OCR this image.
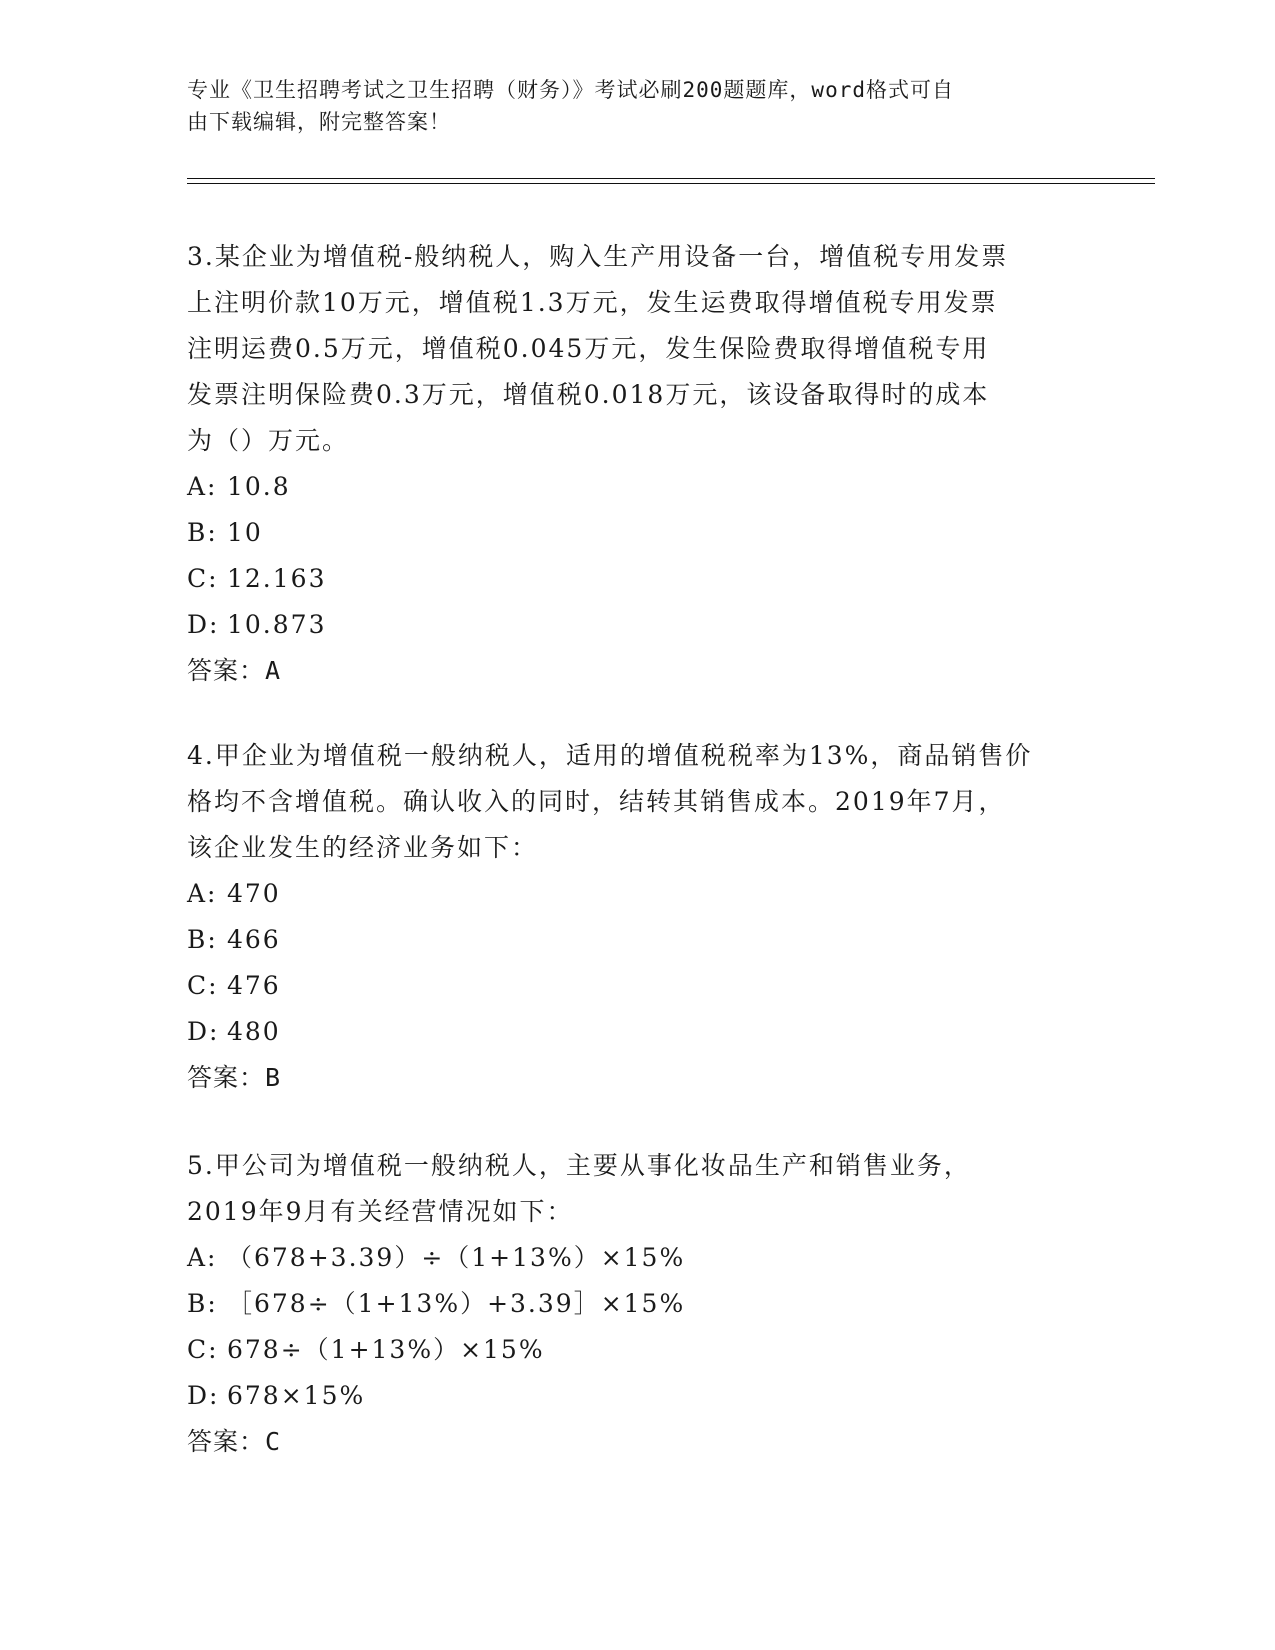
专业《卫生招聘考试之卫生招聘（财务）》考试必刷200题题库，word格式可自
由下载编辑，附完整答案！

3.某企业为增值税-般纳税人，购入生产用设备一台，增值税专用发票

上注明价款10万元，增值税1.3万元，发生运费取得增值税专用发票

注明运费0.5万元，增值税0.045万元，发生保险费取得增值税专用

发票注明保险费0.3万元，增值税0.018万元，该设备取得时的成本

为（）万元。

A: 10.8

B: 10

C: 12.163

D: 10.873

答案：A

4.甲企业为增值税一般纳税人，适用的增值税税率为13%，商品销售价

格均不含增值税。确认收入的同时，结转其销售成本。2019年7月，

该企业发生的经济业务如下：

A: 470

B: 466

C: 476

D: 480

答案：B

5.甲公司为增值税一般纳税人，主要从事化妆品生产和销售业务，

2019年9月有关经营情况如下：

A: （678+3.39）÷（1+13%）×15%

B: ［678÷（1+13%）+3.39］×15%

C: 678÷（1+13%）×15%

D: 678×15%

答案：C
